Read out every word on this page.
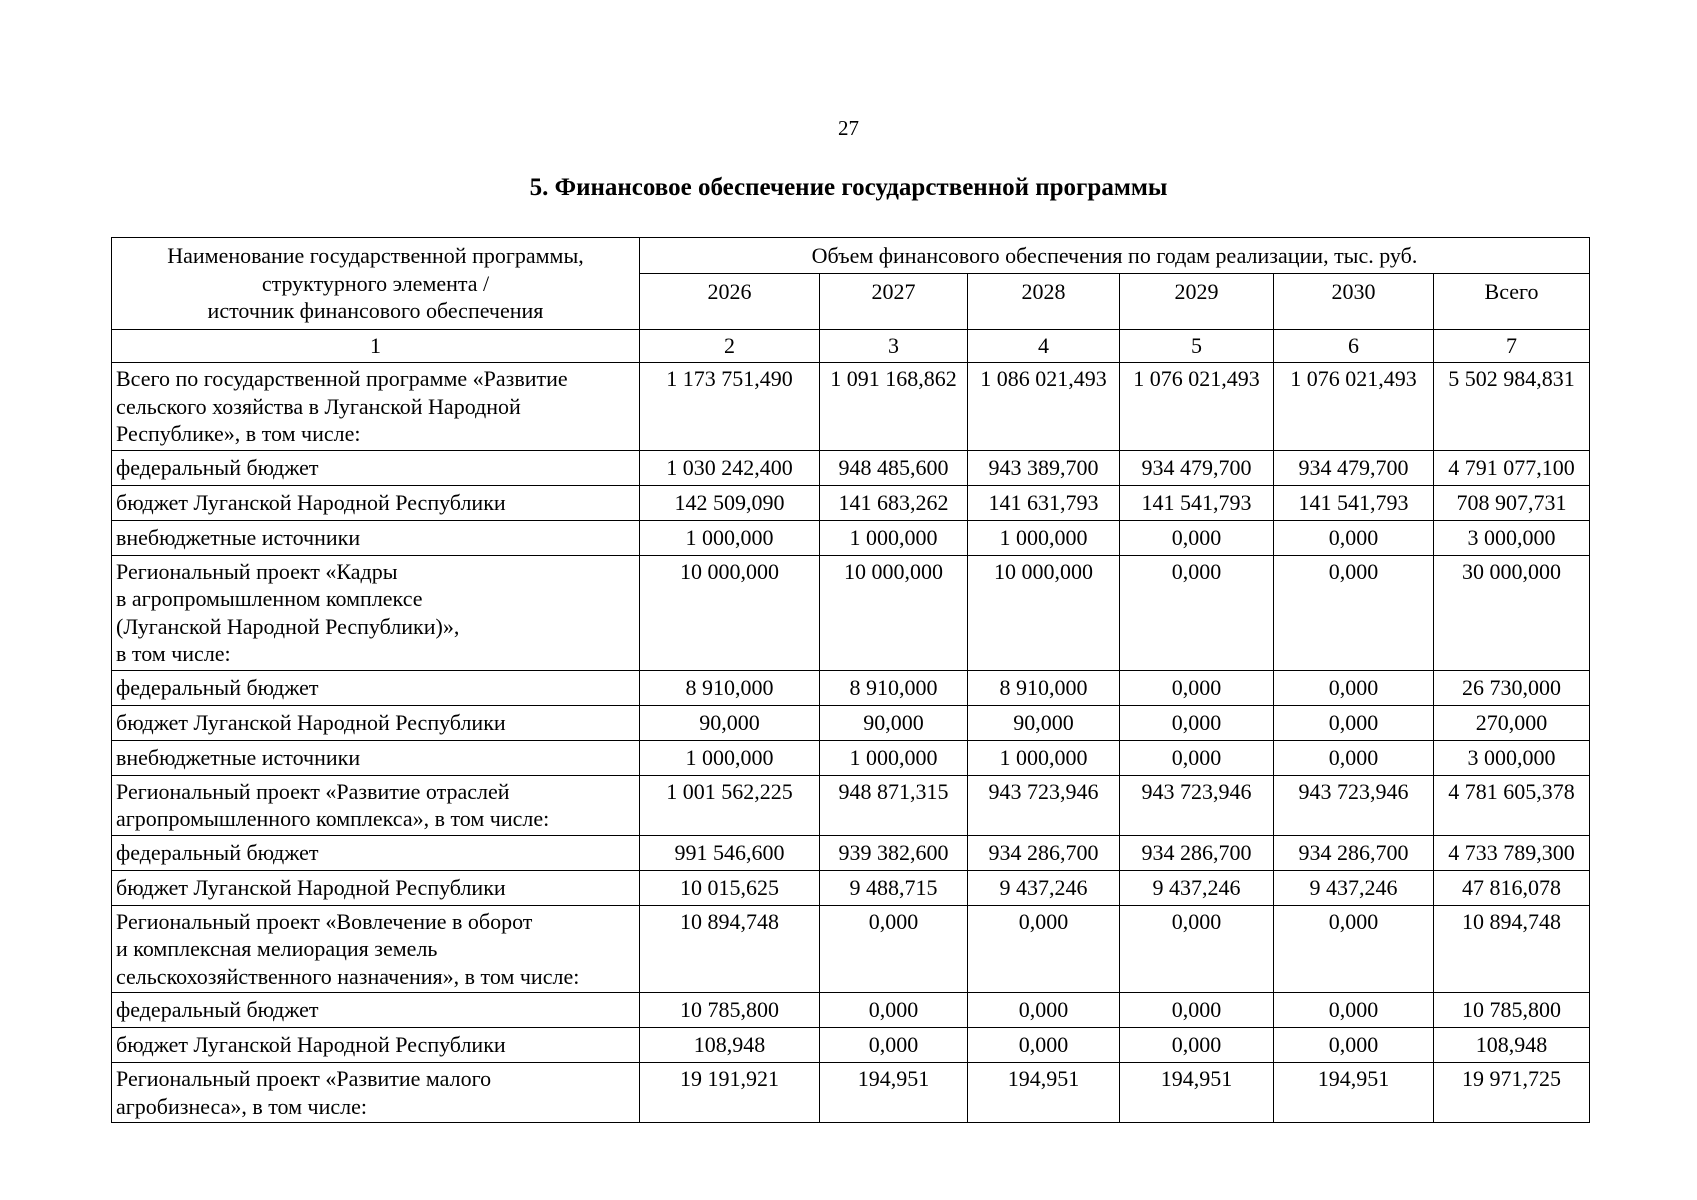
27
5. Финансовое обеспечение государственной программы
Наименование государственной программы,
структурного элемента /
источник финансового обеспечения	Объем финансового обеспечения по годам реализации, тыс. руб.					
	2026	2027	2028	2029	2030	Всего
1	2	3	4	5	6	7

Всего по государственной программе «Развитие
сельского хозяйства в Луганской Народной
Республике», в том числе:	1 173 751,490	1 091 168,862	1 086 021,493	1 076 021,493	1 076 021,493	5 502 984,831

федеральный бюджет	1 030 242,400	948 485,600	943 389,700	934 479,700	934 479,700	4 791 077,100

бюджет Луганской Народной Республики	142 509,090	141 683,262	141 631,793	141 541,793	141 541,793	708 907,731

внебюджетные источники	1 000,000	1 000,000	1 000,000	0,000	0,000	3 000,000

Региональный проект «Кадры
в агропромышленном комплексе
(Луганской Народной Республики)»,
в том числе:	10 000,000	10 000,000	10 000,000	0,000	0,000	30 000,000

федеральный бюджет	8 910,000	8 910,000	8 910,000	0,000	0,000	26 730,000

бюджет Луганской Народной Республики	90,000	90,000	90,000	0,000	0,000	270,000

внебюджетные источники	1 000,000	1 000,000	1 000,000	0,000	0,000	3 000,000

Региональный проект «Развитие отраслей
агропромышленного комплекса», в том числе:	1 001 562,225	948 871,315	943 723,946	943 723,946	943 723,946	4 781 605,378

федеральный бюджет	991 546,600	939 382,600	934 286,700	934 286,700	934 286,700	4 733 789,300

бюджет Луганской Народной Республики	10 015,625	9 488,715	9 437,246	9 437,246	9 437,246	47 816,078

Региональный проект «Вовлечение в оборот
и комплексная мелиорация земель
сельскохозяйственного назначения», в том числе:	10 894,748	0,000	0,000	0,000	0,000	10 894,748

федеральный бюджет	10 785,800	0,000	0,000	0,000	0,000	10 785,800

бюджет Луганской Народной Республики	108,948	0,000	0,000	0,000	0,000	108,948

Региональный проект «Развитие малого
агробизнеса», в том числе:	19 191,921	194,951	194,951	194,951	194,951	19 971,725
